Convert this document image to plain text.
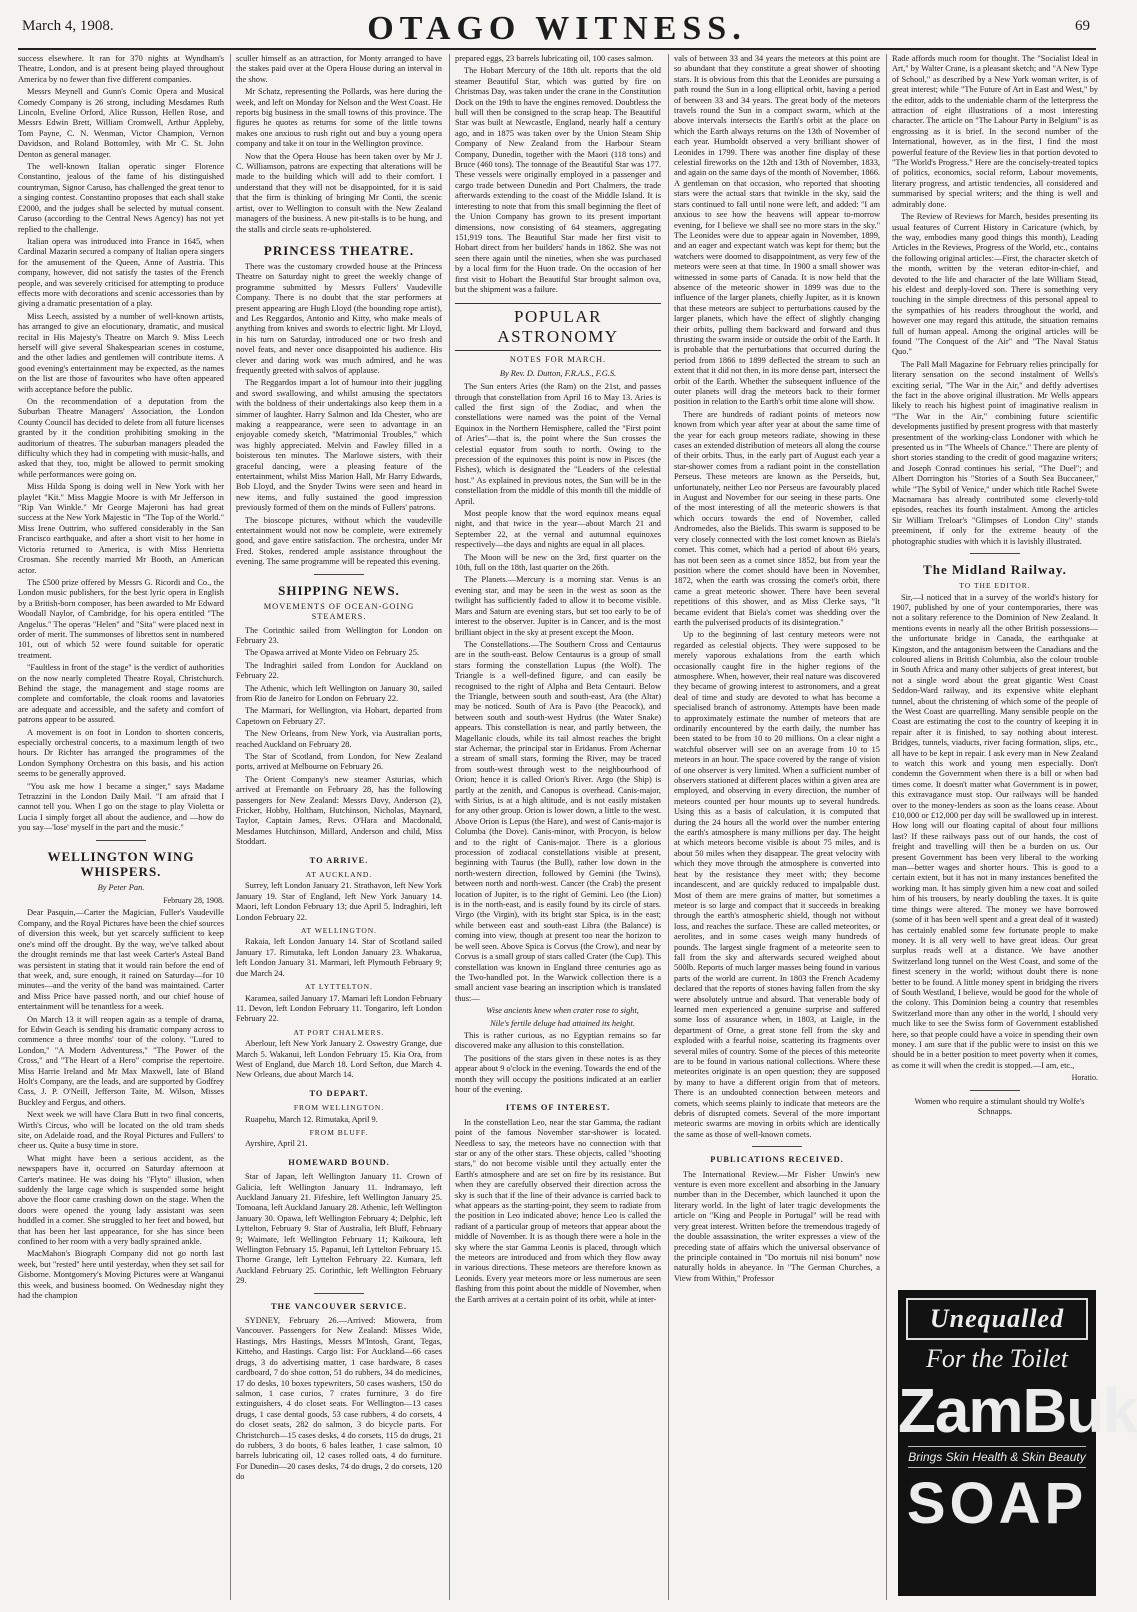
March 4, 1908.	OTAGO WITNESS.	69

success elsewhere. It ran for 370 nights at Wyndham's Theatre, London, and is at present being played throughout America by no fewer than five different companies.

Messrs Meynell and Gunn's Comic Opera and Musical Comedy Company is 26 strong, including Mesdames Ruth Lincoln, Eveline Orford, Alice Russon, Hellen Rose, and Messrs Edwin Brett, William Cromwell, Arthur Appleby, Tom Payne, C. N. Wenman, Victor Champion, Vernon Davidson, and Roland Bottomley, with Mr C. St. John Denton as general manager.

The well-known Italian operatic singer Florence Constantino, jealous of the fame of his distinguished countryman, Signor Caruso, has challenged the great tenor to a singing contest. Constantino proposes that each shall stake £2000, and the judges shall be selected by mutual consent. Caruso (according to the Central News Agency) has not yet replied to the challenge.

Italian opera was introduced into France in 1645, when Cardinal Mazarin secured a company of Italian opera singers for the amusement of the Queen, Anne of Austria. This company, however, did not satisfy the tastes of the French people, and was severely criticised for attempting to produce effects more with decorations and scenic accessories than by giving a dramatic presentation of a play.

Miss Leech, assisted by a number of well-known artists, has arranged to give an elocutionary, dramatic, and musical recital in His Majesty's Theatre on March 9. Miss Leech herself will give several Shakespearian scenes in costume, and the other ladies and gentlemen will contribute items. A good evening's entertainment may be expected, as the names on the list are those of favourites who have often appeared with acceptance before the public.

On the recommendation of a deputation from the Suburban Theatre Managers' Association, the London County Council has decided to delete from all future licenses granted by it the condition prohibiting smoking in the auditorium of theatres. The suburban managers pleaded the difficulty which they had in competing with music-halls, and asked that they, too, might be allowed to permit smoking while performances were going on.

Miss Hilda Spong is doing well in New York with her playlet "Kit." Miss Maggie Moore is with Mr Jefferson in "Rip Van Winkle." Mr George Majeroni has had great success at the New York Majestic in "The Top of the World." Miss Irene Outtrim, who suffered considerably in the San Francisco earthquake, and after a short visit to her home in Victoria returned to America, is with Miss Henrietta Crosman. She recently married Mr Booth, an American actor.

The £500 prize offered by Messrs G. Ricordi and Co., the London music publishers, for the best lyric opera in English by a British-born composer, has been awarded to Mr Edward Woodall Naylor, of Cambridge, for his opera entitled "The Angelus." The operas "Helen" and "Sita" were placed next in order of merit. The summonses of librettos sent in numbered 101, out of which 52 were found suitable for operatic treatment.

"Faultless in front of the stage" is the verdict of authorities on the now nearly completed Theatre Royal, Christchurch. Behind the stage, the management and stage rooms are complete and comfortable, the cloak rooms and lavatories are adequate and accessible, and the safety and comfort of patrons appear to be assured.

A movement is on foot in London to shorten concerts, especially orchestral concerts, to a maximum length of two hours. Dr Richter has arranged the programmes of the London Symphony Orchestra on this basis, and his action seems to be generally approved.

"You ask me how I became a singer," says Madame Tetrazzini in the London Daily Mail. "I am afraid that I cannot tell you. When I go on the stage to play Violetta or Lucia I simply forget all about the audience, and —how do you say—'lose' myself in the part and the music."

WELLINGTON WING WHISPERS.
By Peter Pan.
February 28, 1908.

Dear Pasquin,—Carter the Magician, Fuller's Vaudeville Company, and the Royal Pictures have been the chief sources of diversion this week, but yet scarcely sufficient to keep one's mind off the drought. By the way, we've talked about the drought reminds me that last week Carter's Asteal Band was persistent in stating that it would rain before the end of that week, and, sure enough, it rained on Saturday—for 10 minutes—and the verity of the band was maintained. Carter and Miss Price have passed north, and our chief house of entertainment will be tenantless for a week.

On March 13 it will reopen again as a temple of drama, for Edwin Geach is sending his dramatic company across to commence a three months' tour of the colony. "Lured to London," "A Modern Adventuress," "The Power of the Cross," and "The Heart of a Hero" comprise the repertoire. Miss Harrie Ireland and Mr Max Maxwell, late of Bland Holt's Company, are the leads, and are supported by Godfrey Cass, J. P. O'Neill, Jefferson Taite, M. Wilson, Misses Buckley and Fergus, and others.

Next week we will have Clara Butt in two final concerts, Wirth's Circus, who will be located on the old tram sheds site, on Adelaide road, and the Royal Pictures and Fullers' to cheer us. Quite a busy time in store.

What might have been a serious accident, as the newspapers have it, occurred on Saturday afternoon at Carter's matinee. He was doing his "Flyto" illusion, when suddenly the large cage which is suspended some height above the floor came crashing down on the stage. When the doors were opened the young lady assistant was seen huddled in a corner. She struggled to her feet and bowed, but that has been her last appearance, for she has since been confined to her room with a very badly sprained ankle.

MacMahon's Biograph Company did not go north last week, but "rested" here until yesterday, when they set sail for Gisborne. Montgomery's Moving Pictures were at Wanganui this week, and business boomed. On Wednesday night they had the champion

sculler himself as an attraction, for Monty arranged to have the stakes paid over at the Opera House during an interval in the show.

Mr Schatz, representing the Pollards, was here during the week, and left on Monday for Nelson and the West Coast. He reports big business in the small towns of this province. The figures he quotes as returns for some of the little towns makes one anxious to rush right out and buy a young opera company and take it on tour in the Wellington province.

Now that the Opera House has been taken over by Mr J. C. Williamson, patrons are expecting that alterations will be made to the building which will add to their comfort. I understand that they will not be disappointed, for it is said that the firm is thinking of bringing Mr Conti, the scenic artist, over to Wellington to consult with the New Zealand managers of the business. A new pit-stalls is to be hung, and the stalls and circle seats re-upholstered.

PRINCESS THEATRE.

There was the customary crowded house at the Princess Theatre on Saturday night to greet the weekly change of programme submitted by Messrs Fullers' Vaudeville Company. There is no doubt that the star performers at present appearing are Hugh Lloyd (the bounding rope artist), and Les Reggardos, Antonio and Kitty, who make meals of anything from knives and swords to electric light. Mr Lloyd, in his turn on Saturday, introduced one or two fresh and novel feats, and never once disappointed his audience. His clever and daring work was much admired, and he was frequently greeted with salvos of applause.

The Reggardos impart a lot of humour into their juggling and sword swallowing, and whilst amusing the spectators with the boldness of their undertakings also keep them in a simmer of laughter. Harry Salmon and Ida Chester, who are making a reappearance, were seen to advantage in an enjoyable comedy sketch, "Matrimonial Troubles," which was highly appreciated. Melvin and Fawley filled in a boisterous ten minutes. The Marlowe sisters, with their graceful dancing, were a pleasing feature of the entertainment, whilst Miss Marion Hall, Mr Harry Edwards, Bob Lloyd, and the Snyder Twins were seen and heard in new items, and fully sustained the good impression previously formed of them on the minds of Fullers' patrons.

The bioscope pictures, without which the vaudeville entertainment would not now be complete, were extremely good, and gave entire satisfaction. The orchestra, under Mr Fred. Stokes, rendered ample assistance throughout the evening. The same programme will be repeated this evening.

SHIPPING NEWS.
MOVEMENTS OF OCEAN-GOING STEAMERS.

The Corinthic sailed from Wellington for London on February 23.

The Opawa arrived at Monte Video on February 25.

The Indraghiri sailed from London for Auckland on February 22.

The Athenic, which left Wellington on January 30, sailed from Rio de Janeiro for London on February 22.

The Marmari, for Wellington, via Hobart, departed from Capetown on February 27.

The New Orleans, from New York, via Australian ports, reached Auckland on February 28.

The Star of Scotland, from London, for New Zealand ports, arrived at Melbourne on February 26.

The Orient Company's new steamer Asturias, which arrived at Fremantle on February 28, has the following passengers for New Zealand: Messrs Davy, Anderson (2), Fricker, Hobby, Holtham, Hutchinson, Nicholas, Maynard, Taylor, Captain James, Revs. O'Hara and Macdonald, Mesdames Hutchinson, Millard, Anderson and child, Miss Stoddart.

TO ARRIVE.
AT AUCKLAND.

Surrey, left London January 21. Strathavon, left New York January 19. Star of England, left New York January 14. Maori, left London February 13; due April 5. Indraghiri, left London February 22.

AT WELLINGTON.

Rakaia, left London January 14. Star of Scotland sailed January 17. Rimutaka, left London January 23. Whakarua, left London January 31. Marmari, left Plymouth February 9; due March 24.

AT LYTTELTON.

Karamea, sailed January 17. Mamari left London February 11. Devon, left London February 11. Tongariro, left London February 22.

AT PORT CHALMERS.

Aberlour, left New York January 2. Oswestry Grange, due March 5. Wakanui, left London February 15. Kia Ora, from West of England, due March 18. Lord Sefton, due March 4. New Orleans, due about March 14.

TO DEPART.
FROM WELLINGTON.

Ruapehu, March 12. Rimutaka, April 9.

FROM BLUFF.

Ayrshire, April 21.

HOMEWARD BOUND.

Star of Japan, left Wellington January 11. Crown of Galicia, left Wellington January 11. Indramayo, left Auckland January 21. Fifeshire, left Wellington January 25. Tomoana, left Auckland January 28. Athenic, left Wellington January 30. Opawa, left Wellington February 4; Delphic, left Lyttelton, February 9. Star of Australia, left Bluff, February 9; Waimate, left Wellington February 11; Kaikoura, left Wellington February 15. Papanui, left Lyttelton February 15. Thorne Grange, left Lyttelton February 22. Kumara, left Auckland February 25. Corinthic, left Wellington February 29.

THE VANCOUVER SERVICE.

SYDNEY, February 26.—Arrived: Miowera, from Vancouver. Passengers for New Zealand: Misses Wide, Hastings, Mrs Hastings, Messrs M'Intosh, Grant, Tegas, Kitteho, and Hastings. Cargo list: For Auckland—66 cases drugs, 3 do advertising matter, 1 case hardware, 8 cases cardboard, 7 do shoe cotton, 51 do rubbers, 34 do medicines, 17 do desks, 10 boxes typewriters, 50 cases washers, 150 do salmon, 1 case curios, 7 crates furniture, 3 do fire extinguishers, 4 do closet seats. For Wellington—13 cases drugs, 1 case dental goods, 53 case rubbers, 4 do corsets, 4 do closet seats, 282 do salmon, 3 do bicycle parts. For Christchurch—15 cases desks, 4 do corsets, 115 do drugs, 21 do rubbers, 3 do boots, 6 bales leather, 1 case salmon, 10 barrels lubricating oil, 12 cases rolled oats, 4 do furniture. For Dunedin—20 cases desks, 74 do drugs, 2 do corsets, 120 do

prepared eggs, 23 barrels lubricating oil, 100 cases salmon.

The Hobart Mercury of the 18th ult. reports that the old steamer Beautiful Star, which was gutted by fire on Christmas Day, was taken under the crane in the Constitution Dock on the 19th to have the engines removed. Doubtless the hull will then be consigned to the scrap heap. The Beautiful Star was built at Newcastle, England, nearly half a century ago, and in 1875 was taken over by the Union Steam Ship Company of New Zealand from the Harbour Steam Company, Dunedin, together with the Maori (118 tons) and Bruce (460 tons). The tonnage of the Beautiful Star was 177. These vessels were originally employed in a passenger and cargo trade between Dunedin and Port Chalmers, the trade afterwards extending to the coast of the Middle Island. It is interesting to note that from this small beginning the fleet of the Union Company has grown to its present important dimensions, now consisting of 64 steamers, aggregating 151,919 tons. The Beautiful Star made her first visit to Hobart direct from her builders' hands in 1862. She was not seen there again until the nineties, when she was purchased by a local firm for the Huon trade. On the occasion of her first visit to Hobart the Beautiful Star brought salmon ova, but the shipment was a failure.

POPULAR ASTRONOMY
NOTES FOR MARCH.
By Rev. D. Dutton, F.R.A.S., F.G.S.

The Sun enters Aries (the Ram) on the 21st, and passes through that constellation from April 16 to May 13. Aries is called the first sign of the Zodiac, and when the constellations were named was the point of the Vernal Equinox in the Northern Hemisphere, called the "First point of Aries"—that is, the point where the Sun crosses the celestial equator from south to north. Owing to the precession of the equinoxes this point is now in Pisces (the Fishes), which is designated the "Leaders of the celestial host." As explained in previous notes, the Sun will be in the constellation from the middle of this month till the middle of April.

Most people know that the word equinox means equal night, and that twice in the year—about March 21 and September 22, at the vernal and autumnal equinoxes respectively—the days and nights are equal in all places.

The Moon will be new on the 3rd, first quarter on the 10th, full on the 18th, last quarter on the 26th.

The Planets.—Mercury is a morning star. Venus is an evening star, and may be seen in the west as soon as the twilight has sufficiently faded to allow it to become visible. Mars and Saturn are evening stars, but set too early to be of interest to the observer. Jupiter is in Cancer, and is the most brilliant object in the sky at present except the Moon.

The Constellations.—The Southern Cross and Centaurus are in the south-east. Below Centaurus is a group of small stars forming the constellation Lupus (the Wolf). The Triangle is a well-defined figure, and can easily be recognised to the right of Alpha and Beta Centauri. Below the Triangle, between south and south-east, Ara (the Altar) may be noticed. South of Ara is Pavo (the Peacock), and between south and south-west Hydrus (the Water Snake) appears. This constellation is near, and partly between, the Magellanic clouds, while its tail almost reaches the bright star Achernar, the principal star in Eridanus. From Achernar a stream of small stars, forming the River, may be traced from south-west through west to the neighbourhood of Orion; hence it is called Orion's River. Argo (the Ship) is partly at the zenith, and Canopus is overhead. Canis-major, with Sirius, is at a high altitude, and is not easily mistaken for any other group. Orion is lower down, a little to the west. Above Orion is Lepus (the Hare), and west of Canis-major is Columba (the Dove). Canis-minor, with Procyon, is below and to the right of Canis-major. There is a glorious procession of zodiacal constellations visible at present, beginning with Taurus (the Bull), rather low down in the north-western direction, followed by Gemini (the Twins), between north and north-west. Cancer (the Crab) the present location of Jupiter, is to the right of Gemini. Leo (the Lion) is in the north-east, and is easily found by its circle of stars. Virgo (the Virgin), with its bright star Spica, is in the east; while between east and south-east Libra (the Balance) is coming into view, though at present too near the horizon to be well seen. Above Spica is Corvus (the Crow), and near by Corvus is a small group of stars called Crater (the Cup). This constellation was known in England three centuries ago as the Two-handled pot. In the Warwick collection there is a small ancient vase bearing an inscription which is translated thus:—

Wise ancients knew when crater rose to sight,

Nile's fertile deluge had attained its height.

This is rather curious, as no Egyptian remains so far discovered make any allusion to this constellation.

The positions of the stars given in these notes is as they appear about 9 o'clock in the evening. Towards the end of the month they will occupy the positions indicated at an earlier hour of the evening.

ITEMS OF INTEREST.

In the constellation Leo, near the star Gamma, the radiant point of the famous November star-shower is located. Needless to say, the meteors have no connection with that star or any of the other stars. These objects, called "shooting stars," do not become visible until they actually enter the Earth's atmosphere and are set on fire by its resistance. But when they are carefully observed their direction across the sky is such that if the line of their advance is carried back to what appears as the starting-point, they seem to radiate from the position in Leo indicated above; hence Leo is called the radiant of a particular group of meteors that appear about the middle of November. It is as though there were a hole in the sky where the star Gamma Leonis is placed, through which the meteors are introduced and from which they flow away in various directions. These meteors are therefore known as Leonids. Every year meteors more or less numerous are seen flashing from this point about the middle of November, when the Earth arrives at a certain point of its orbit, while at inter-

vals of between 33 and 34 years the meteors at this point are so abundant that they constitute a great shower of shooting stars. It is obvious from this that the Leonides are pursuing a path round the Sun in a long elliptical orbit, having a period of between 33 and 34 years. The great body of the meteors travels round the Sun in a compact swarm, which at the above intervals intersects the Earth's orbit at the place on which the Earth always returns on the 13th of November of each year. Humboldt observed a very brilliant shower of Leonides in 1799. There was another fine display of these celestial fireworks on the 12th and 13th of November, 1833, and again on the same days of the month of November, 1866. A gentleman on that occasion, who reported that shooting stars were the actual stars that twinkle in the sky, said the stars continued to fall until none were left, and added: "I am anxious to see how the heavens will appear to-morrow evening, for I believe we shall see no more stars in the sky." The Leonides were due to appear again in November, 1899, and an eager and expectant watch was kept for them; but the watchers were doomed to disappointment, as very few of the meteors were seen at that time. In 1900 a small shower was witnessed in some parts of Canada. It is now held that the absence of the meteoric shower in 1899 was due to the influence of the larger planets, chiefly Jupiter, as it is known that these meteors are subject to perturbations caused by the larger planets, which have the effect of slightly changing their orbits, pulling them backward and forward and thus thrusting the swarm inside or outside the orbit of the Earth. It is probable that the perturbations that occurred during the period from 1866 to 1899 deflected the stream to such an extent that it did not then, in its more dense part, intersect the orbit of the Earth. Whether the subsequent influence of the outer planets will drag the meteors back to their former position in relation to the Earth's orbit time alone will show.

There are hundreds of radiant points of meteors now known from which year after year at about the same time of the year for each group meteors radiate, showing in these cases an extended distribution of meteors all along the course of their orbits. Thus, in the early part of August each year a star-shower comes from a radiant point in the constellation Perseus. These meteors are known as the Perseids, but, unfortunately, neither Leo nor Perseus are favourably placed in August and November for our seeing in these parts. One of the most interesting of all the meteoric showers is that which occurs towards the end of November, called Andromedes, also the Bielids. This swarm is supposed to be very closely connected with the lost comet known as Biela's comet. This comet, which had a period of about 6½ years, has not been seen as a comet since 1852, but from year the position where the comet should have been in November, 1872, when the earth was crossing the comet's orbit, there came a great meteoric shower. There have been several repetitions of this shower, and as Miss Clerke says, "It became evident that Biela's comet was shedding over the earth the pulverised products of its disintegration."

Up to the beginning of last century meteors were not regarded as celestial objects. They were supposed to be merely vaporous exhalations from the earth which occasionally caught fire in the higher regions of the atmosphere. When, however, their real nature was discovered they became of growing interest to astronomers, and a great deal of time and study are devoted to what has become a specialised branch of astronomy. Attempts have been made to approximately estimate the number of meteors that are ordinarily encountered by the earth daily, the number has been stated to be from 10 to 20 millions. On a clear night a watchful observer will see on an average from 10 to 15 meteors in an hour. The space covered by the range of vision of one observer is very limited. When a sufficient number of observers stationed at different places within a given area are employed, and observing in every direction, the number of meteors counted per hour mounts up to several hundreds. Using this as a basis of calculation, it is computed that during the 24 hours all the world over the number entering the earth's atmosphere is many millions per day. The height at which meteors become visible is about 75 miles, and is about 50 miles when they disappear. The great velocity with which they move through the atmosphere is converted into heat by the resistance they meet with; they become incandescent, and are quickly reduced to impalpable dust. Most of them are mere grains of matter, but sometimes a meteor is so large and compact that it succeeds in breaking through the earth's atmospheric shield, though not without loss, and reaches the surface. These are called meteorites, or aerolites, and in some cases weigh many hundreds of pounds. The largest single fragment of a meteorite seen to fall from the sky and afterwards secured weighed about 500lb. Reports of much larger masses being found in various parts of the world are current. In 1803 the French Academy declared that the reports of stones having fallen from the sky were absolutely untrue and absurd. That venerable body of learned men experienced a genuine surprise and suffered some loss of assurance when, in 1803, at Laigle, in the department of Orne, a great stone fell from the sky and exploded with a fearful noise, scattering its fragments over several miles of country. Some of the pieces of this meteorite are to be found in various national collections. Where these meteorites originate is an open question; they are supposed by many to have a different origin from that of meteors. There is an undoubted connection between meteors and comets, which seems plainly to indicate that meteors are the debris of disrupted comets. Several of the more important meteoric swarms are moving in orbits which are identically the same as those of well-known comets.

PUBLICATIONS RECEIVED.

The International Review.—Mr Fisher Unwin's new venture is even more excellent and absorbing in the January number than in the December, which launched it upon the literary world. In the light of later tragic developments the article on "King and People in Portugal" will be read with very great interest. Written before the tremendous tragedy of the double assassination, the writer expresses a view of the preceding state of affairs which the universal observance of the principle contained in "Do mortuis nil nisi bonum" now naturally holds in abeyance. In "The German Churches, a View from Within," Professor

Rade affords much room for thought. The "Socialist Ideal in Art," by Walter Crane, is a pleasant sketch; and "A New Type of School," as described by a New York woman writer, is of great interest; while "The Future of Art in East and West," by the editor, adds to the undeniable charm of the letterpress the attraction of eight illustrations of a most interesting character. The article on "The Labour Party in Belgium" is as engrossing as it is brief. In the second number of the International, however, as in the first, I find the most powerful feature of the Review lies in that portion devoted to "The World's Progress." Here are the concisely-treated topics of politics, economics, social reform, Labour movements, literary progress, and artistic tendencies, all considered and summarised by special writers; and the thing is well and admirably done.

The Review of Reviews for March, besides presenting its usual features of Current History in Caricature (which, by the way, embodies many good things this month), Leading Articles in the Reviews, Progress of the World, etc., contains the following original articles:—First, the character sketch of the month, written by the veteran editor-in-chief, and devoted to the life and character of the late William Stead, his eldest and deeply-loved son. There is something very touching in the simple directness of this personal appeal to the sympathies of his readers throughout the world, and however one may regard this attitude, the situation remains full of human appeal. Among the original articles will be found "The Conquest of the Air" and "The Naval Status Quo."

The Pall Mall Magazine for February relies principally for literary sensation on the second instalment of Wells's exciting serial, "The War in the Air," and deftly advertises the fact in the above original illustration. Mr Wells appears likely to reach his highest point of imaginative realism in "The War in the Air," combining future scientific developments justified by present progress with that masterly presentment of the working-class Londoner with which he presented us in "The Wheels of Chance." There are plenty of short stories standing to the credit of good magazine writers; and Joseph Conrad continues his serial, "The Duel"; and Albert Dorrington his "Stories of a South Sea Buccaneer," while "The Sybil of Venice," under which title Rachel Swete Macnamara has already contributed some cleverly-told episodes, reaches its fourth instalment. Among the articles Sir William Treloar's "Glimpses of London City" stands preeminent, if only for the extreme beauty of the photographic studies with which it is lavishly illustrated.

The Midland Railway.
TO THE EDITOR.

Sir,—I noticed that in a survey of the world's history for 1907, published by one of your contemporaries, there was not a solitary reference to the Dominion of New Zealand. It mentions events in nearly all the other British possessions—the unfortunate bridge in Canada, the earthquake at Kingston, and the antagonism between the Canadians and the coloured aliens in British Columbia, also the colour trouble in South Africa and many other subjects of great interest, but not a single word about the great gigantic West Coast Seddon-Ward railway, and its expensive white elephant tunnel, about the christening of which some of the people of the West Coast are quarrelling. Many sensible people on the Coast are estimating the cost to the country of keeping it in repair after it is finished, to say nothing about interest. Bridges, tunnels, viaducts, river facing formation, slips, etc., all have to be kept in repair. I ask every man in New Zealand to watch this work and young men especially. Don't condemn the Government when there is a bill or when bad times come. It doesn't matter what Government is in power, this extravagance must stop. Our railways will be handed over to the money-lenders as soon as the loans cease. About £10,000 or £12,000 per day will be swallowed up in interest. How long will our floating capital of about four millions last? If these railways pass out of our hands, the cost of freight and travelling will then be a burden on us. Our present Government has been very liberal to the working man—better wages and shorter hours. This is good to a certain extent, but it has not in many instances benefited the working man. It has simply given him a new coat and soiled him of his trousers, by nearly doubling the taxes. It is quite time things were altered. The money we have borrowed (some of it has been well spent and a great deal of it wasted) has certainly enabled some few fortunate people to make money. It is all very well to have great ideas. Our great surplus reads well at a distance. We have another Switzerland long tunnel on the West Coast, and some of the finest scenery in the world; without doubt there is none better to be found. A little money spent in bridging the rivers of South Westland, I believe, would be good for the whole of the colony. This Dominion being a country that resembles Switzerland more than any other in the world, I should very much like to see the Swiss form of Government established here, so that people could have a voice in spending their own money. I am sure that if the public were to insist on this we should be in a better position to meet poverty when it comes, as come it will when the credit is stopped.—I am, etc.,

Horatio.

Women who require a stimulant should try Wolfe's Schnapps.

Unequalled
For the Toilet
ZamBuk
Brings Skin Health & Skin Beauty
SOAP
